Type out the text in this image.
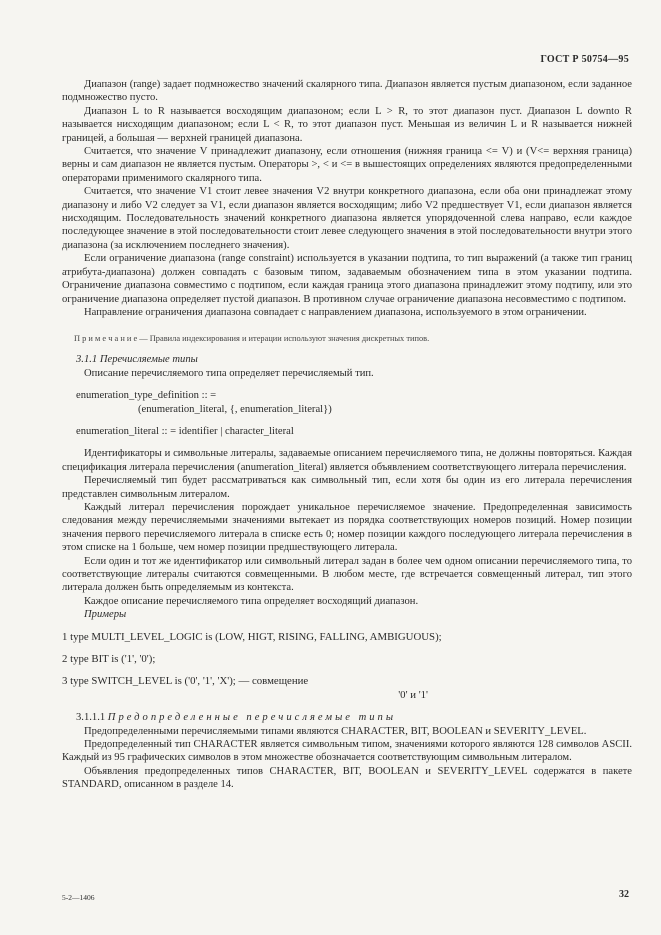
ГОСТ Р 50754—95

Диапазон (range) задает подмножество значений скалярного типа. Диапазон является пустым диапазоном, если заданное подмножество пусто.

Диапазон L to R называется восходящим диапазоном; если L > R, то этот диапазон пуст. Диапазон L downto R называется нисходящим диапазоном; если L < R, то этот диапазон пуст. Меньшая из величин L и R называется нижней границей, а большая — верхней границей диапазона.

Считается, что значение V принадлежит диапазону, если отношения (нижняя граница <= V) и (V<= верхняя граница) верны и сам диапазон не является пустым. Операторы >, < и <= в вышестоящих определениях являются предопределенными операторами применимого скалярного типа.

Считается, что значение V1 стоит левее значения V2 внутри конкретного диапазона, если оба они принадлежат этому диапазону и либо V2 следует за V1, если диапазон является восходящим; либо V2 предшествует V1, если диапазон является нисходящим. Последовательность значений конкретного диапазона является упорядоченной слева направо, если каждое последующее значение в этой последовательности стоит левее следующего значения в этой последовательности внутри этого диапазона (за исключением последнего значения).

Если ограничение диапазона (range constraint) используется в указании подтипа, то тип выражений (а также тип границ атрибута-диапазона) должен совпадать с базовым типом, задаваемым обозначением типа в этом указании подтипа. Ограничение диапазона совместимо с подтипом, если каждая граница этого диапазона принадлежит этому подтипу, или это ограничение диапазона определяет пустой диапазон. В противном случае ограничение диапазона несовместимо с подтипом.

Направление ограничения диапазона совпадает с направлением диапазона, используемого в этом ограничении.

П р и м е ч а н и е — Правила индексирования и итерации используют значения дискретных типов.

3.1.1 Перечисляемые типы

Описание перечисляемого типа определяет перечисляемый тип.

enumeration_type_definition :: =

(enumeration_literal, {, enumeration_literal})

enumeration_literal :: = identifier | character_literal

Идентификаторы и символьные литералы, задаваемые описанием перечисляемого типа, не должны повторяться. Каждая спецификация литерала перечисления (anumeration_literal) является объявлением соответствующего литерала перечисления.

Перечисляемый тип будет рассматриваться как символьный тип, если хотя бы один из его литерала перечисления представлен символьным литералом.

Каждый литерал перечисления порождает уникальное перечисляемое значение. Предопределенная зависимость следования между перечисляемыми значениями вытекает из порядка соответствующих номеров позиций. Номер позиции значения первого перечисляемого литерала в списке есть 0; номер позиции каждого последующего литерала перечисления в этом списке на 1 больше, чем номер позиции предшествующего литерала.

Если один и тот же идентификатор или символьный литерал задан в более чем одном описании перечисляемого типа, то соответствующие литералы считаются совмещенными. В любом месте, где встречается совмещенный литерал, тип этого литерала должен быть определяемым из контекста.

Каждое описание перечисляемого типа определяет восходящий диапазон.

Примеры

1 type MULTI_LEVEL_LOGIC is (LOW, HIGT, RISING, FALLING, AMBIGUOUS);

2 type BIT is ('1', '0');

3 type SWITCH_LEVEL is ('0', '1', 'X'); — совмещение

'0' и '1'

3.1.1.1 Предопределенные перечисляемые типы

Предопределенными перечисляемыми типами являются CHARACTER, BIT, BOOLEAN и SEVERITY_LEVEL.

Предопределенный тип CHARACTER является символьным типом, значениями которого являются 128 символов ASCII. Каждый из 95 графических символов в этом множестве обозначается соответствующим символьным литералом.

Объявления предопределенных типов CHARACTER, BIT, BOOLEAN и SEVERITY_LEVEL содержатся в пакете STANDARD, описанном в разделе 14.

5-2—1406	32
